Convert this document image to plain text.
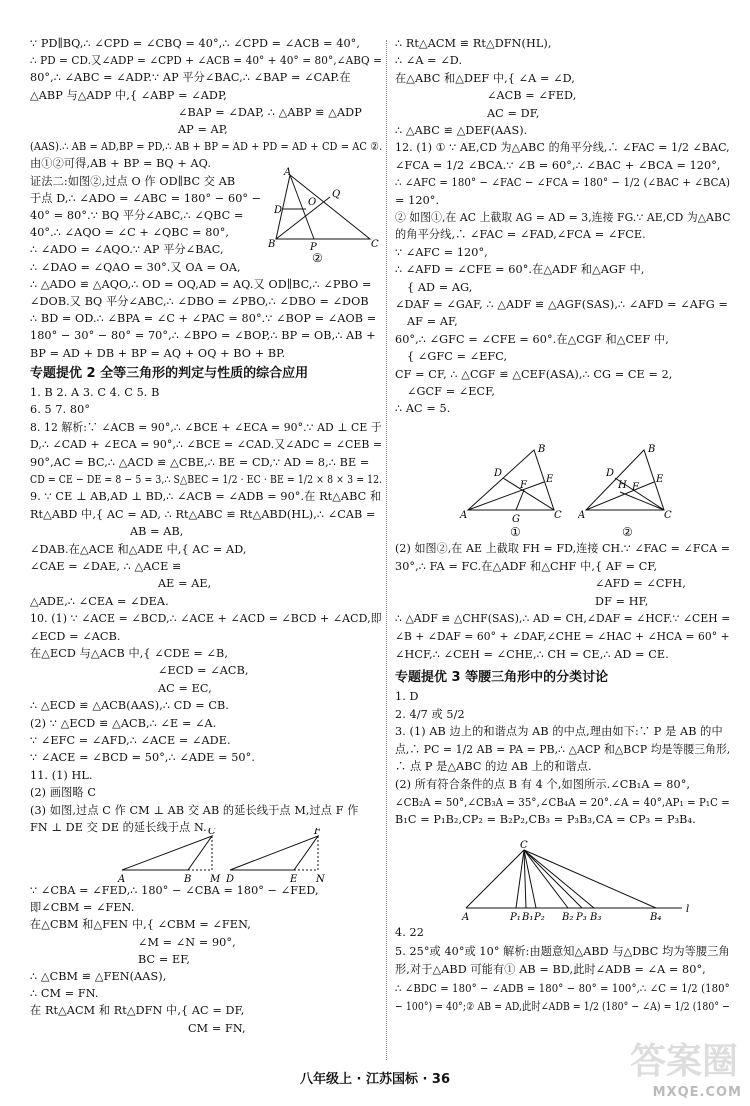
∵ PD∥BQ,∴ ∠CPD = ∠CBQ = 40°,∴ ∠CPD = ∠ACB = 40°,
∴ PD = CD.又∠ADP = ∠CPD + ∠ACB = 40° + 40° = 80°,∠ABQ =
80°,∴ ∠ABC = ∠ADP.∵ AP 平分∠BAC,∴ ∠BAP = ∠CAP.在
△ABP 与△ADP 中,{ ∠ABP = ∠ADP,
∠BAP = ∠DAP, ∴ △ABP ≌ △ADP
AP = AP,
(AAS).∴ AB = AD,BP = PD,∴ AB + BP = AD + PD = AD + CD = AC ②.
由①②可得,AB + BP = BQ + AQ.
证法二:如图②,过点 O 作 OD∥BC 交 AB
于点 D,∴ ∠ADO = ∠ABC = 180° − 60° −
40° = 80°.∵ BQ 平分∠ABC,∴ ∠QBC =
40°.∴ ∠AQO = ∠C + ∠QBC = 80°,
∴ ∠ADO = ∠AQO.∵ AP 平分∠BAC,
∴ ∠DAO = ∠QAO = 30°.又 OA = OA,
∴ △ADO ≌ △AQO,∴ OD = OQ,AD = AQ.又 OD∥BC,∴ ∠PBO =
∠DOB.又 BQ 平分∠ABC,∴ ∠DBO = ∠PBO,∴ ∠DBO = ∠DOB
∴ BD = OD.∴ ∠BPA = ∠C + ∠PAC = 80°.∵ ∠BOP = ∠AOB =
180° − 30° − 80° = 70°,∴ ∠BPO = ∠BOP,∴ BP = OB,∴ AB +
BP = AD + DB + BP = AQ + OQ + BO + BP.
专题提优 2 全等三角形的判定与性质的综合应用
1. B 2. A 3. C 4. C 5. B
6. 5 7. 80°
8. 12 解析:∵ ∠ACB = 90°,∴ ∠BCE + ∠ECA = 90°.∵ AD ⊥ CE 于
D,∴ ∠CAD + ∠ECA = 90°,∴ ∠BCE = ∠CAD.又∠ADC = ∠CEB =
90°,AC = BC,∴ △ACD ≌ △CBE,∴ BE = CD,∵ AD = 8,∴ BE =
CD = CE − DE = 8 − 5 = 3,∴ S△BEC = 1/2 · EC · BE = 1/2 × 8 × 3 = 12.
9. ∵ CE ⊥ AB,AD ⊥ BD,∴ ∠ACB = ∠ADB = 90°.在 Rt△ABC 和
Rt△ABD 中,{ AC = AD, ∴ Rt△ABC ≌ Rt△ABD(HL),∴ ∠CAB =
AB = AB,
∠DAB.在△ACE 和△ADE 中,{ AC = AD,
∠CAE = ∠DAE, ∴ △ACE ≌
AE = AE,
△ADE,∴ ∠CEA = ∠DEA.
10. (1) ∵ ∠ACE = ∠BCD,∴ ∠ACE + ∠ACD = ∠BCD + ∠ACD,即
∠ECD = ∠ACB.
在△ECD 与△ACB 中,{ ∠CDE = ∠B,
∠ECD = ∠ACB,
AC = EC,
∴ △ECD ≌ △ACB(AAS),∴ CD = CB.
(2) ∵ △ECD ≌ △ACB,∴ ∠E = ∠A.
∵ ∠EFC = ∠AFD,∴ ∠ACE = ∠ADE.
∵ ∠ACE = ∠BCD = 50°,∴ ∠ADE = 50°.
11. (1) HL.
(2) 画图略 C
(3) 如图,过点 C 作 CM ⊥ AB 交 AB 的延长线于点 M,过点 F 作
FN ⊥ DE 交 DE 的延长线于点 N.
∵ ∠CBA = ∠FED,∴ 180° − ∠CBA = 180° − ∠FED,
即∠CBM = ∠FEN.
在△CBM 和△FEN 中,{ ∠CBM = ∠FEN,
∠M = ∠N = 90°,
BC = EF,
∴ △CBM ≌ △FEN(AAS),
∴ CM = FN.
在 Rt△ACM 和 Rt△DFN 中,{ AC = DF,
CM = FN,
∴ Rt△ACM ≌ Rt△DFN(HL),
∴ ∠A = ∠D.
在△ABC 和△DEF 中,{ ∠A = ∠D,
∠ACB = ∠FED,
AC = DF,
∴ △ABC ≌ △DEF(AAS).
12. (1) ① ∵ AE,CD 为△ABC 的角平分线,∴ ∠FAC = 1/2 ∠BAC,
∠FCA = 1/2 ∠BCA.∵ ∠B = 60°,∴ ∠BAC + ∠BCA = 120°,
∴ ∠AFC = 180° − ∠FAC − ∠FCA = 180° − 1/2 (∠BAC + ∠BCA)
= 120°.
② 如图①,在 AC 上截取 AG = AD = 3,连接 FG.∵ AE,CD 为△ABC
的角平分线,∴ ∠FAC = ∠FAD,∠FCA = ∠FCE.
∵ ∠AFC = 120°,
∴ ∠AFD = ∠CFE = 60°.在△ADF 和△AGF 中,
{ AD = AG,
∠DAF = ∠GAF, ∴ △ADF ≌ △AGF(SAS),∴ ∠AFD = ∠AFG =
AF = AF,
60°,∴ ∠GFC = ∠CFE = 60°.在△CGF 和△CEF 中,
{ ∠GFC = ∠EFC,
CF = CF, ∴ △CGF ≌ △CEF(ASA),∴ CG = CE = 2,
∠GCF = ∠ECF,
∴ AC = 5.
(2) 如图②,在 AE 上截取 FH = FD,连接 CH.∵ ∠FAC = ∠FCA =
30°,∴ FA = FC.在△ADF 和△CHF 中,{ AF = CF,
∠AFD = ∠CFH,
DF = HF,
∴ △ADF ≌ △CHF(SAS),∴ AD = CH,∠DAF = ∠HCF.∵ ∠CEH =
∠B + ∠DAF = 60° + ∠DAF,∠CHE = ∠HAC + ∠HCA = 60° +
∠HCF,∴ ∠CEH = ∠CHE,∴ CH = CE,∴ AD = CE.
专题提优 3 等腰三角形中的分类讨论
1. D
2. 4/7 或 5/2
3. (1) AB 边上的和谐点为 AB 的中点,理由如下:∵ P 是 AB 的中
点,∴ PC = 1/2 AB = PA = PB,∴ △ACP 和△BCP 均是等腰三角形,
∴ 点 P 是△ABC 的边 AB 上的和谐点.
(2) 所有符合条件的点 B 有 4 个,如图所示.∠CB₁A = 80°,
∠CB₂A = 50°,∠CB₃A = 35°,∠CB₄A = 20°.∠A = 40°,AP₁ = P₁C =
B₁C = P₁B₂,CP₂ = B₂P₂,CB₃ = P₃B₃,CA = CP₃ = P₃B₄.
4. 22
5. 25°或 40°或 10° 解析:由题意知△ABD 与△DBC 均为等腰三角
形,对于△ABD 可能有① AB = BD,此时∠ADB = ∠A = 80°,
∴ ∠BDC = 180° − ∠ADB = 180° − 80° = 100°,∴ ∠C = 1/2 (180°
− 100°) = 40°;② AB = AD,此时∠ADB = 1/2 (180° − ∠A) = 1/2 (180° −
A
D
O
Q
B	P	C
②
C
A	B M
F
D	E N
B
D
E
F
A	C
G
①
B
D
H
E
F
A	C
②
C
A	P₁ B₁ P₂ B₂ P₃ B₃	B₄
l
八年级上 · 江苏国标 · 36	答案圈
MXQE.COM
